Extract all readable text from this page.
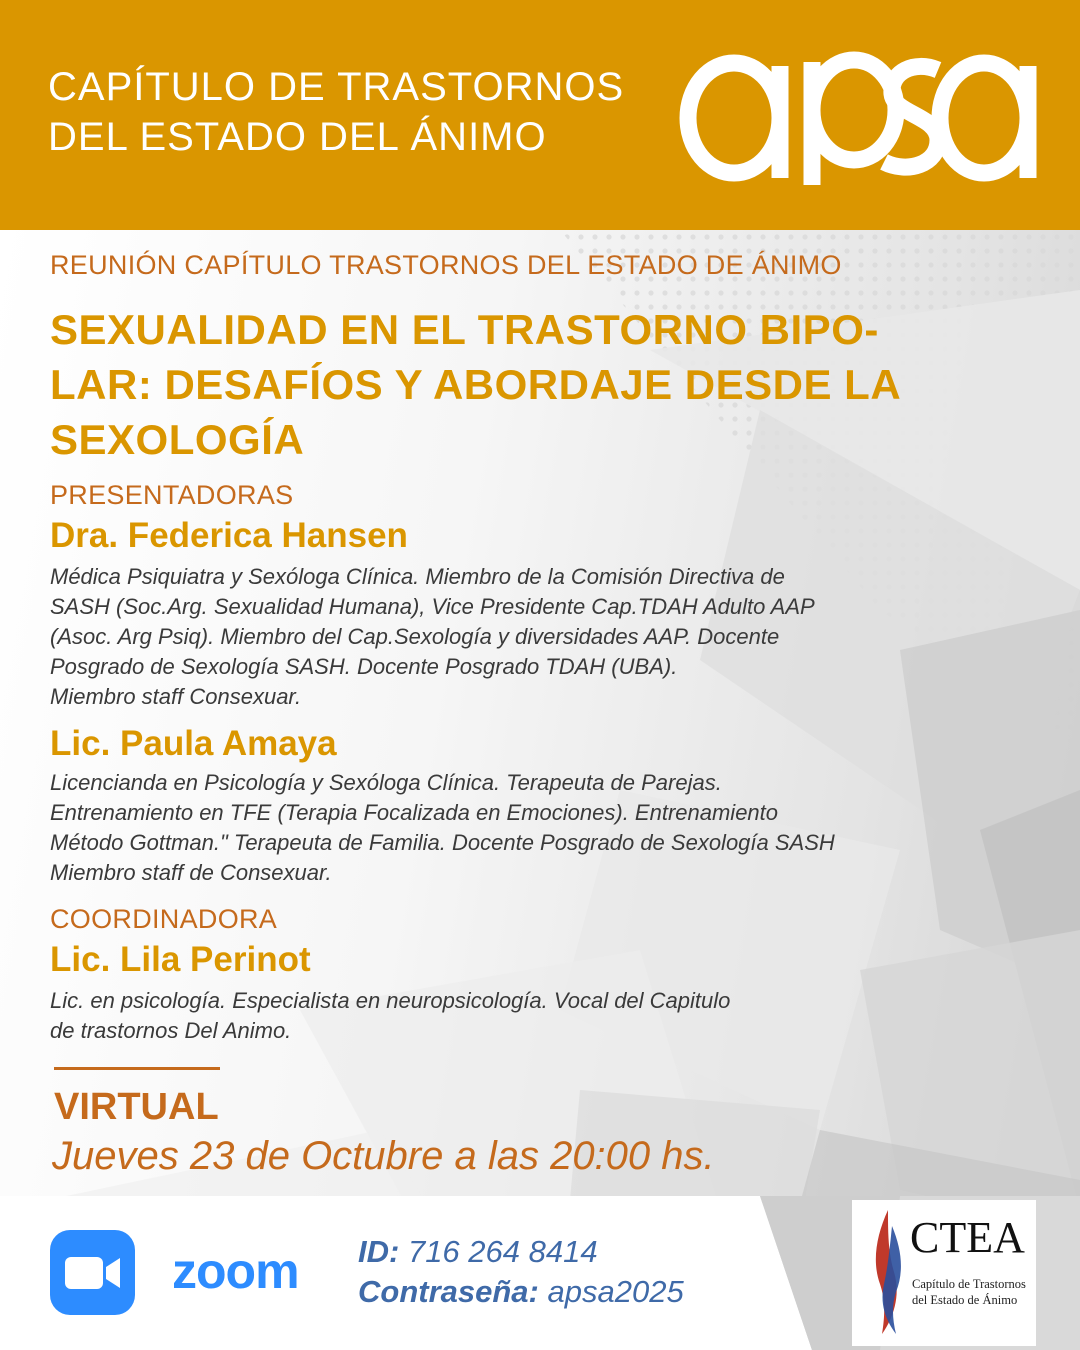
CAPÍTULO DE TRASTORNOS
DEL ESTADO DEL ÁNIMO
REUNIÓN CAPÍTULO TRASTORNOS DEL ESTADO DE ÁNIMO
SEXUALIDAD EN EL TRASTORNO BIPO-
LAR: DESAFÍOS Y ABORDAJE DESDE LA
SEXOLOGÍA
PRESENTADORAS
Dra. Federica Hansen
Médica Psiquiatra y Sexóloga Clínica. Miembro de la Comisión Directiva de
SASH (Soc.Arg. Sexualidad Humana), Vice Presidente Cap.TDAH Adulto AAP
(Asoc. Arg Psiq). Miembro del Cap.Sexología y diversidades AAP. Docente
Posgrado de Sexología SASH. Docente Posgrado TDAH (UBA).
Miembro staff Consexuar.
Lic. Paula Amaya
Licencianda en Psicología y Sexóloga Clínica. Terapeuta de Parejas.
Entrenamiento en TFE (Terapia Focalizada en Emociones). Entrenamiento
Método Gottman." Terapeuta de Familia. Docente Posgrado de Sexología SASH
Miembro staff de Consexuar.
COORDINADORA
Lic. Lila Perinot
Lic. en psicología. Especialista en neuropsicología. Vocal del Capitulo
de trastornos Del Animo.
VIRTUAL
Jueves 23 de Octubre a las 20:00 hs.
zoom ID: 716 264 8414
Contraseña: apsa2025
CTEA
Capítulo de Trastornos
del Estado de Ánimo
